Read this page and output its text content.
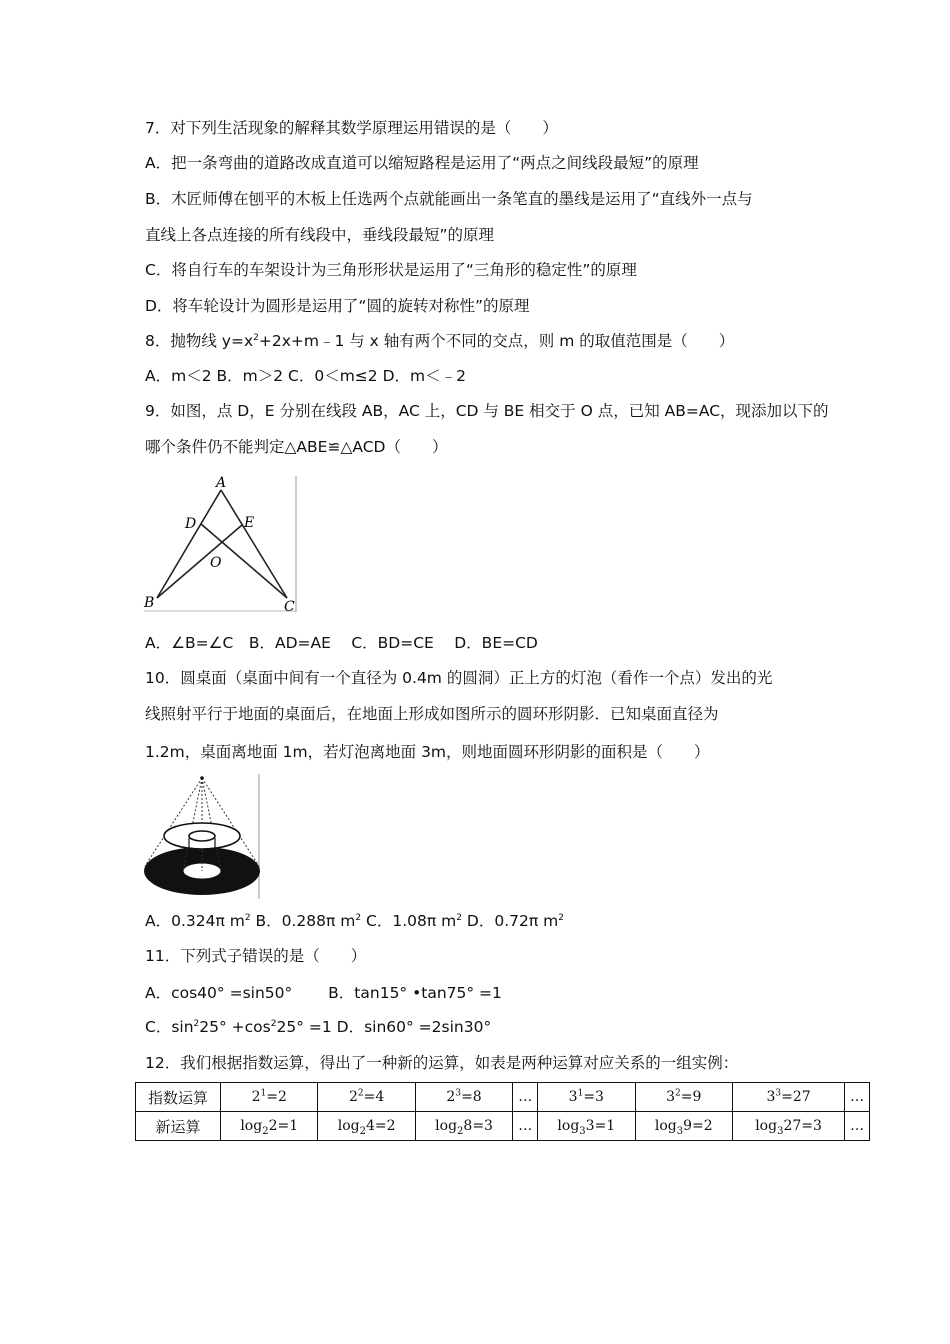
7．对下列生活现象的解释其数学原理运用错误的是（　　）
A．把一条弯曲的道路改成直道可以缩短路程是运用了“两点之间线段最短”的原理
B．木匠师傅在刨平的木板上任选两个点就能画出一条笔直的墨线是运用了“直线外一点与
直线上各点连接的所有线段中，垂线段最短”的原理
C．将自行车的车架设计为三角形形状是运用了“三角形的稳定性”的原理
D．将车轮设计为圆形是运用了“圆的旋转对称性”的原理
8．抛物线 $y=x^2+2x+m﹣1$ 与 x 轴有两个不同的交点，则 m 的取值范围是（　　）
A．m＜2 B．m＞2 C．0＜m≤2 D．m＜﹣2
9．如图，点 D，E 分别在线段 AB，AC 上，CD 与 BE 相交于 O 点，已知 AB=AC，现添加以下的
哪个条件仍不能判定△ABE≌△ACD（　　）
A
D	E
O
B	C
A．∠B=∠C　B．AD=AE　 C．BD=CE　 D．BE=CD
10．圆桌面（桌面中间有一个直径为 0.4m 的圆洞）正上方的灯泡（看作一个点）发出的光
线照射平行于地面的桌面后，在地面上形成如图所示的圆环形阴影．已知桌面直径为
1.2m，桌面离地面 1m，若灯泡离地面 3m，则地面圆环形阴影的面积是（　　）
A．0.324π $m^2$ B．0.288π $m^2$ C．1.08π $m^2$ D．0.72π $m^2$
11．下列式子错误的是（　　）
A．cos40° =sin50°　　 B．tan15° •tan75° =1
C．$\sin^225^\circ +\cos^225^\circ =1$ D．sin60° =2sin30°
12．我们根据指数运算，得出了一种新的运算，如表是两种运算对应关系的一组实例：
指数运算	$2^1=2$	$2^2=4$	$2^3=8$	…	$3^1=3$	$3^2=9$	$3^3=27$	…
新运算	$\log_22=1$	$\log_24=2$	$\log_28=3$	…	$\log_33=1$	$\log_39=2$	$\log_327=3$	…
